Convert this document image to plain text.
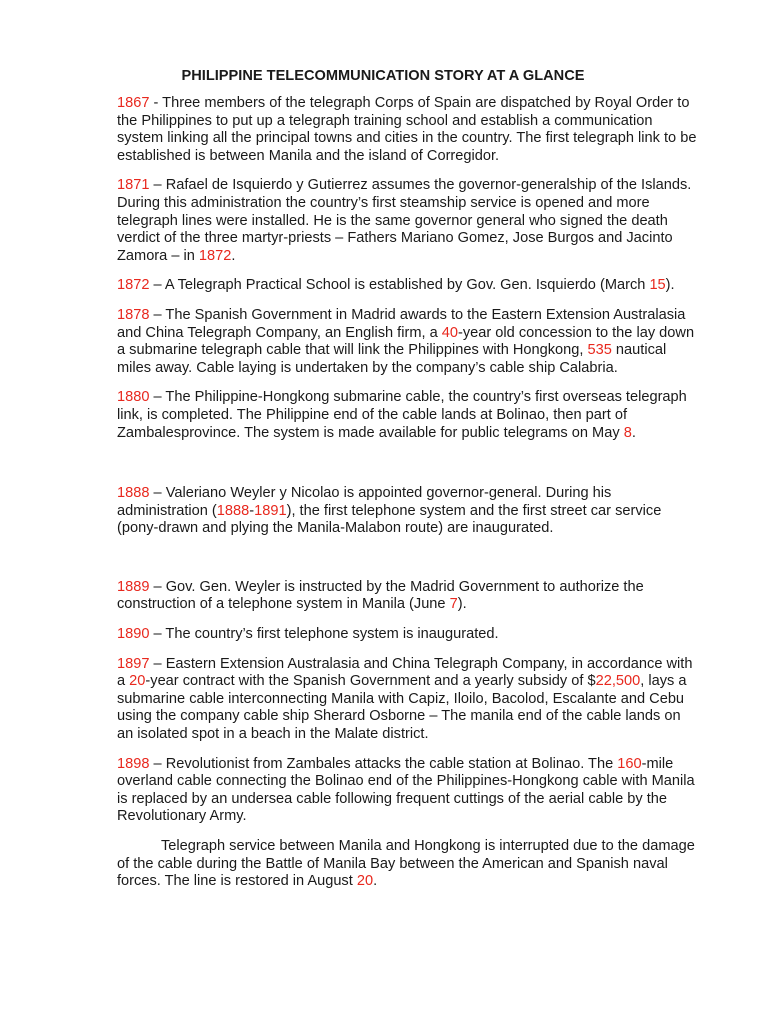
PHILIPPINE TELECOMMUNICATION STORY AT A GLANCE

1867 - Three members of the telegraph Corps of Spain are dispatched by Royal Order to the Philippines to put up a telegraph training school and establish a communication system linking all the principal towns and cities in the country. The first telegraph link to be established is between Manila and the island of Corregidor.

1871 – Rafael de Isquierdo y Gutierrez assumes the governor-generalship of the Islands. During this administration the country’s first steamship service is opened and more telegraph lines were installed. He is the same governor general who signed the death verdict of the three martyr-priests – Fathers Mariano Gomez, Jose Burgos and Jacinto Zamora – in 1872.

1872 – A Telegraph Practical School is established by Gov. Gen. Isquierdo (March 15).

1878 – The Spanish Government in Madrid awards to the Eastern Extension Australasia and China Telegraph Company, an English firm, a 40-year old concession to the lay down a submarine telegraph cable that will link the Philippines with Hongkong, 535 nautical miles away. Cable laying is undertaken by the company’s cable ship Calabria.

1880 – The Philippine-Hongkong submarine cable, the country’s first overseas telegraph link, is completed. The Philippine end of the cable lands at Bolinao, then part of Zambalesprovince. The system is made available for public telegrams on May 8.

1888 – Valeriano Weyler y Nicolao is appointed governor-general. During his administration (1888-1891), the first telephone system and the first street car service (pony-drawn and plying the Manila-Malabon route) are inaugurated.

1889 – Gov. Gen. Weyler is instructed by the Madrid Government to authorize the construction of a telephone system in Manila (June 7).

1890 – The country’s first telephone system is inaugurated.

1897 – Eastern Extension Australasia and China Telegraph Company, in accordance with a 20-year contract with the Spanish Government and a yearly subsidy of $22,500, lays a submarine cable interconnecting Manila with Capiz, Iloilo, Bacolod, Escalante and Cebu using the company cable ship Sherard Osborne – The manila end of the cable lands on an isolated spot in a beach in the Malate district.

1898 – Revolutionist from Zambales attacks the cable station at Bolinao. The 160-mile overland cable connecting the Bolinao end of the Philippines-Hongkong cable with Manila is replaced by an undersea cable following frequent cuttings of the aerial cable by the Revolutionary Army.

Telegraph service between Manila and Hongkong is interrupted due to the damage of the cable during the Battle of Manila Bay between the American and Spanish naval forces. The line is restored in August 20.
